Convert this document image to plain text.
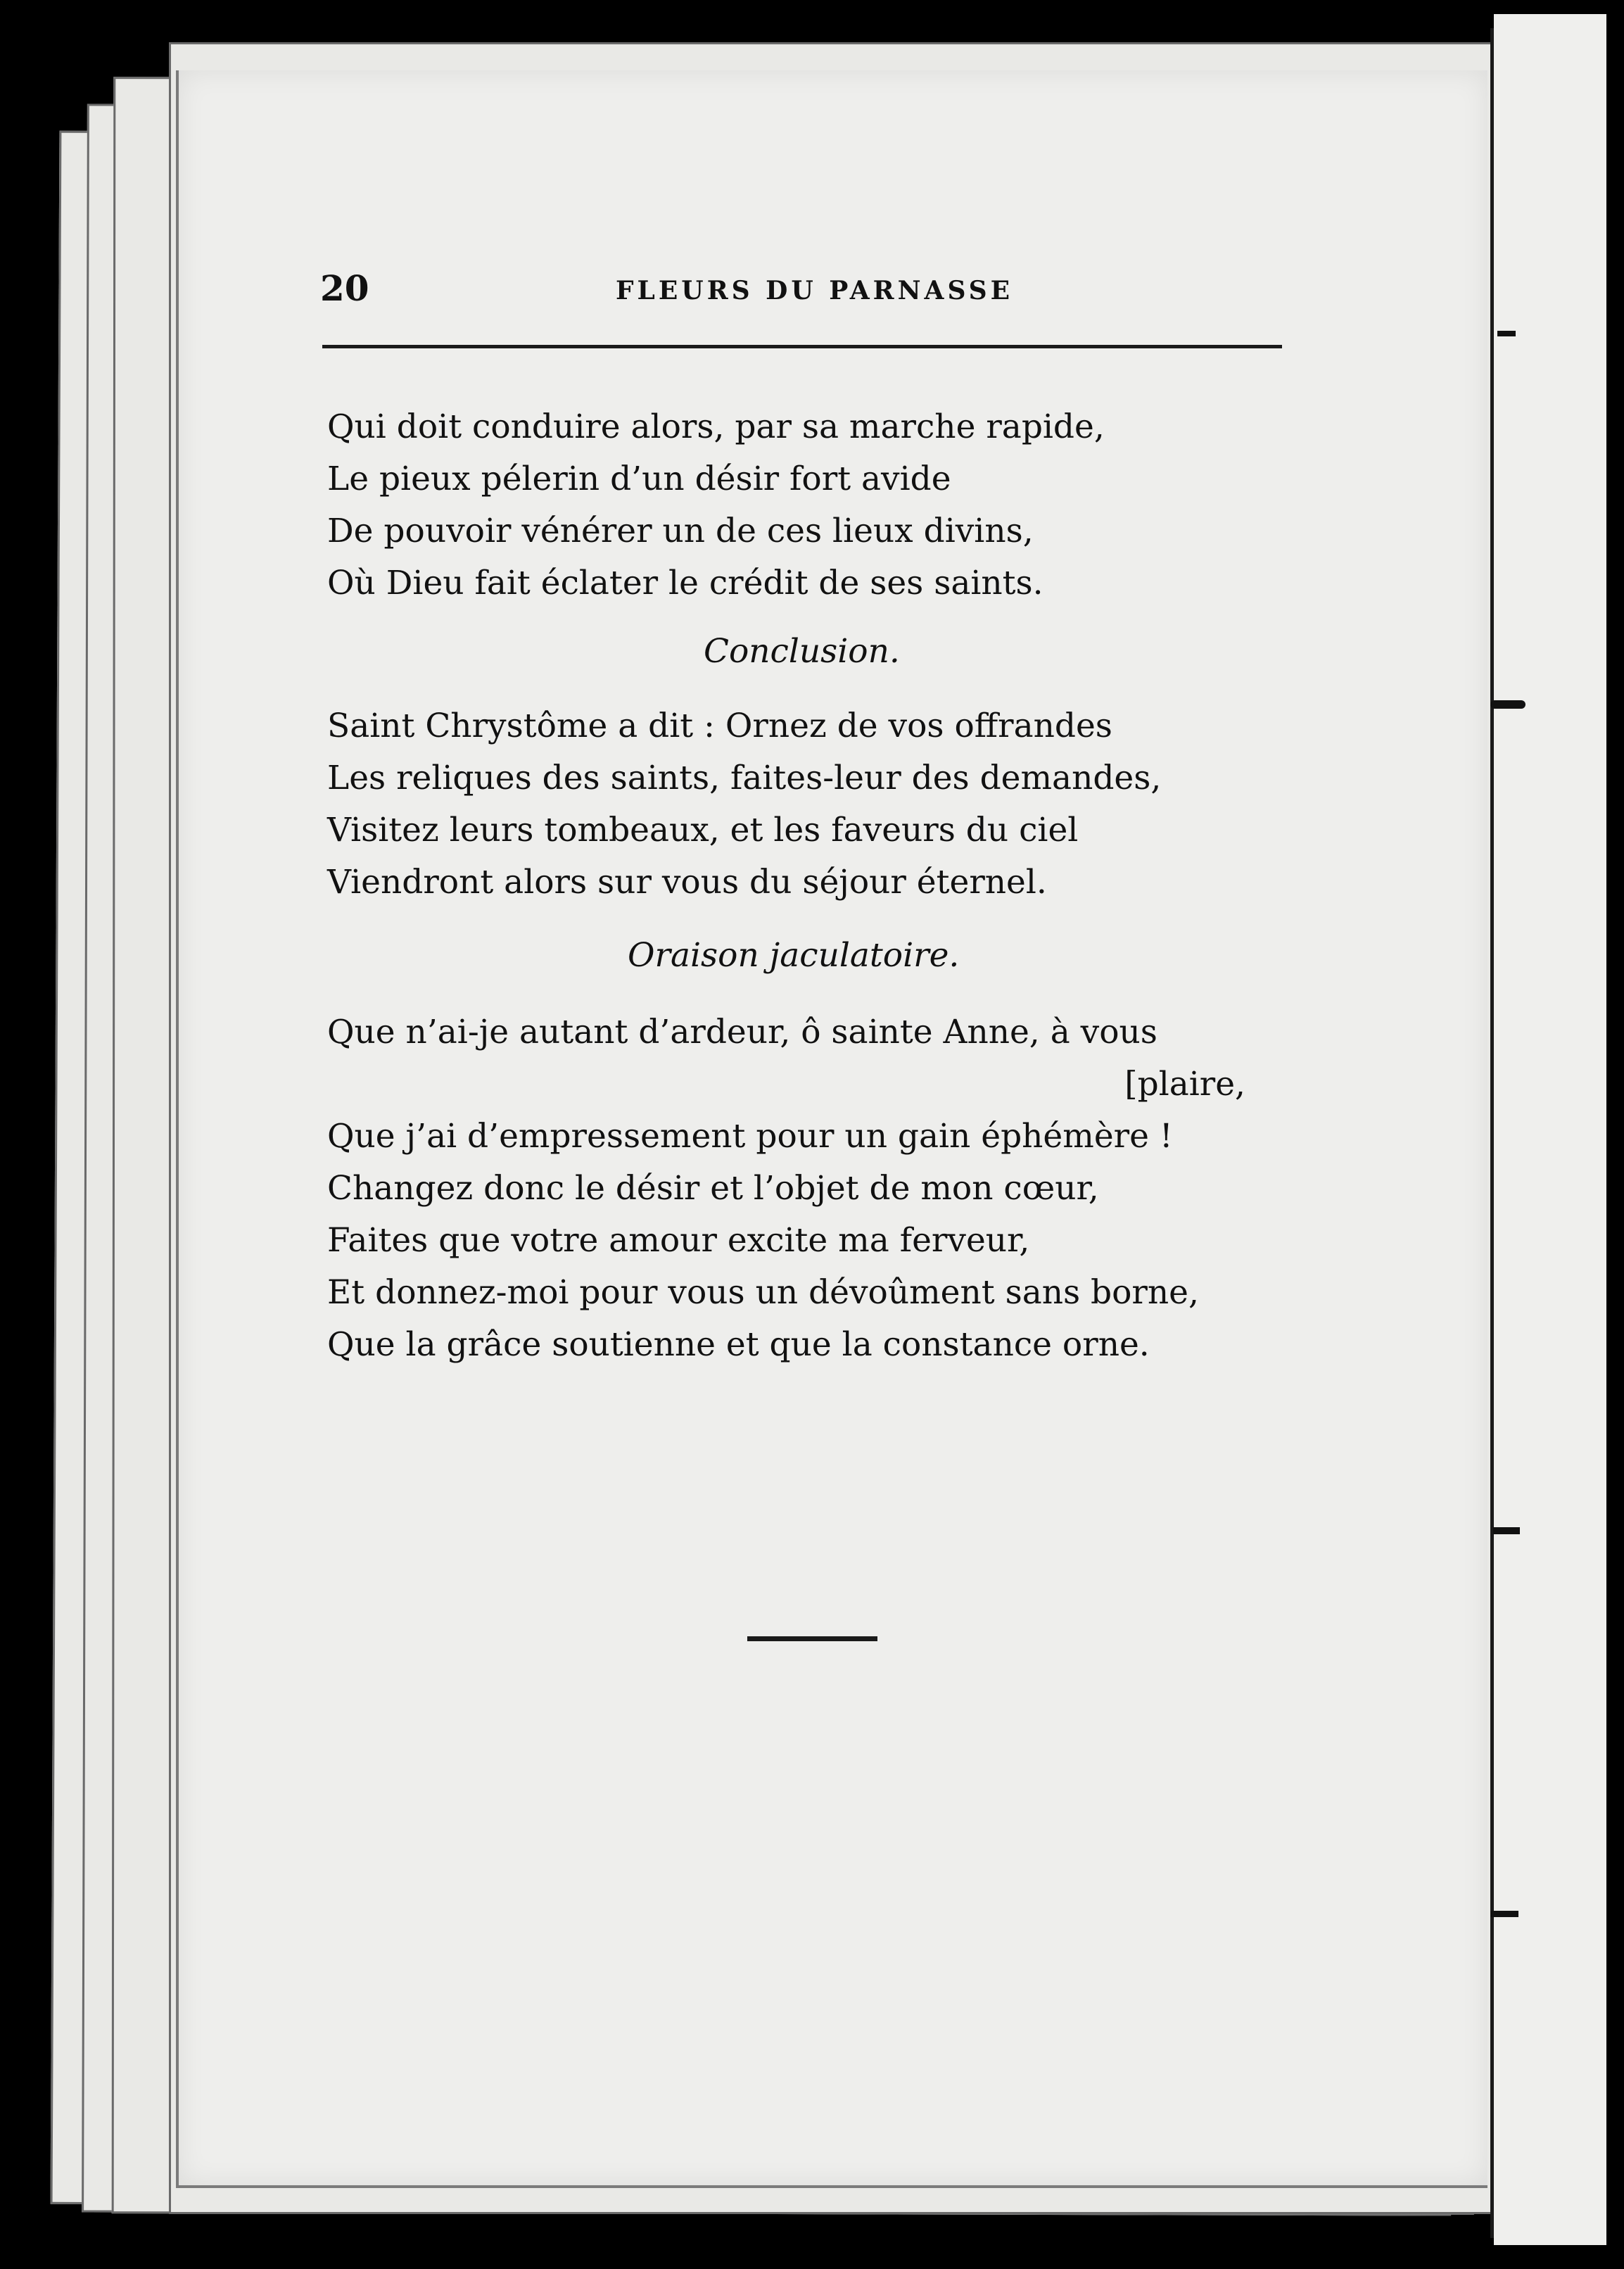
20	FLEURS DU PARNASSE
Qui doit conduire alors, par sa marche rapide,
Le pieux pélerin d’un désir fort avide
De pouvoir vénérer un de ces lieux divins,
Où Dieu fait éclater le crédit de ses saints.
Conclusion.
Saint Chrystôme a dit : Ornez de vos offrandes
Les reliques des saints, faites-leur des demandes,
Visitez leurs tombeaux, et les faveurs du ciel
Viendront alors sur vous du séjour éternel.
Oraison jaculatoire.
Que n’ai-je autant d’ardeur, ô sainte Anne, à vous
[plaire,
Que j’ai d’empressement pour un gain éphémère !
Changez donc le désir et l’objet de mon cœur,
Faites que votre amour excite ma ferveur,
Et donnez-moi pour vous un dévoûment sans borne,
Que la grâce soutienne et que la constance orne.
